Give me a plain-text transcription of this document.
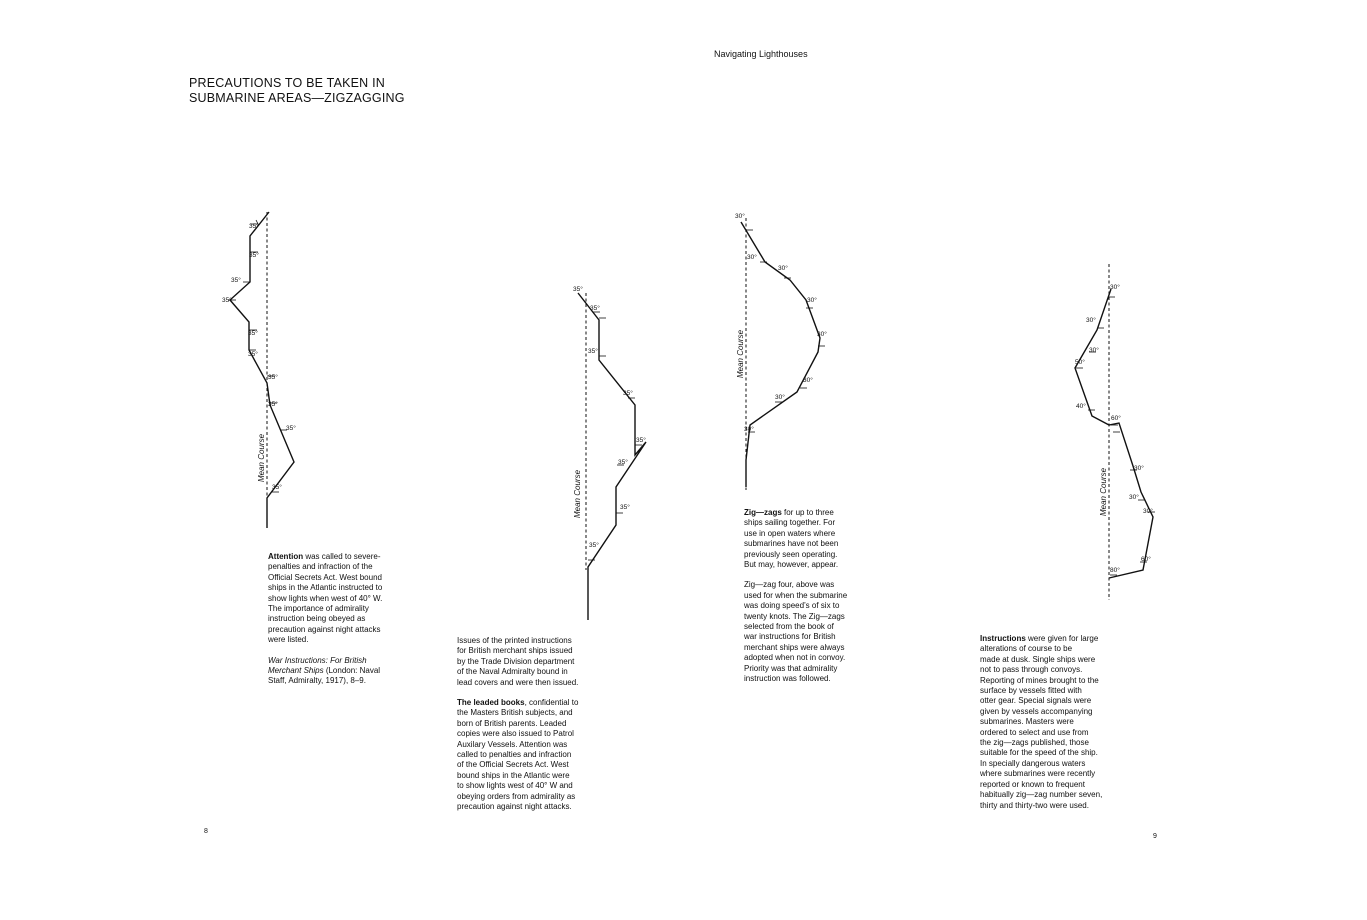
Navigating Lighthouses
PRECAUTIONS TO BE TAKEN IN
SUBMARINE AREAS—ZIGZAGGING
35°
35°
35°
35°
35°
35°
35°
35°
35°
35°
Mean Course
35°
35°
35°
35°
35°
35°
35°
35°
Mean Course
30°
30°
30°
30°
30°
30°
30°
30°
Mean Course
30°
30°
30°
50°
40°
60°
30°
30°
30°
60°
80°
Mean Course

Attention was called to severe-
penalties and infraction of the
Official Secrets Act. West bound
ships in the Atlantic instructed to
show lights when west of 40° W.
The importance of admirality
instruction being obeyed as
precaution against night attacks
were listed.

War Instructions: For British
Merchant Ships (London: Naval
Staff, Admiralty, 1917), 8–9.

Issues of the printed instructions
for British merchant ships issued
by the Trade Division department
of the Naval Admiralty bound in
lead covers and were then issued.

The leaded books, confidential to
the Masters British subjects, and
born of British parents. Leaded
copies were also issued to Patrol
Auxilary Vessels. Attention was
called to penalties and infraction
of the Official Secrets Act. West
bound ships in the Atlantic were
to show lights west of 40° W and
obeying orders from admirality as
precaution against night attacks.

Zig—zags for up to three
ships sailing together. For
use in open waters where
submarines have not been
previously seen operating.
But may, however, appear.

Zig—zag four, above was
used for when the submarine
was doing speed’s of six to
twenty knots. The Zig—zags
selected from the book of
war instructions for British
merchant ships were always
adopted when not in convoy.
Priority was that admirality
instruction was followed.

Instructions were given for large
alterations of course to be
made at dusk. Single ships were
not to pass through convoys.
Reporting of mines brought to the
surface by vessels fitted with
otter gear. Special signals were
given by vessels accompanying
submarines. Masters were
ordered to select and use from
the zig—zags published, those
suitable for the speed of the ship.
In specially dangerous waters
where submarines were recently
reported or known to frequent
habitually zig—zag number seven,
thirty and thirty-two were used.

8
9
